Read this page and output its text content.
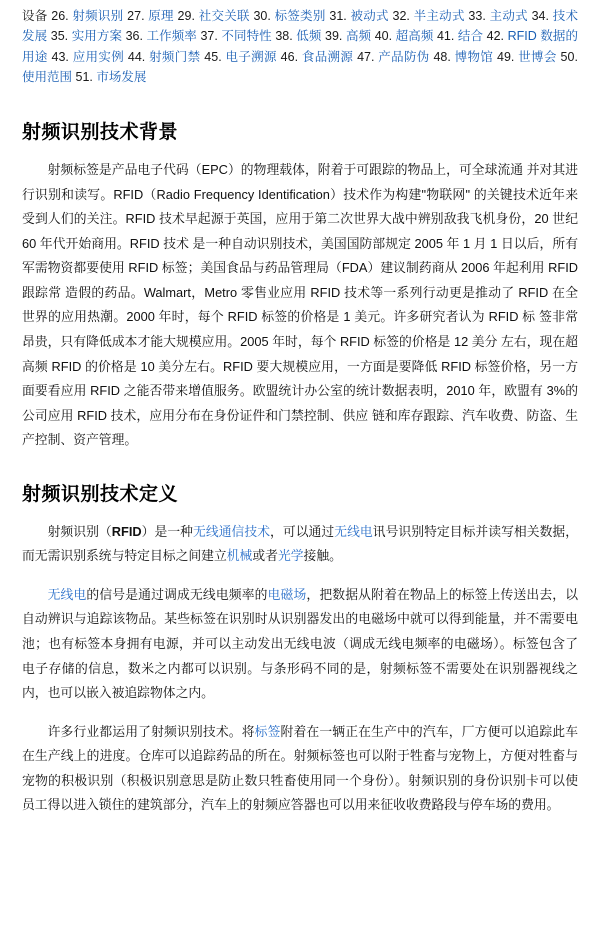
设备 26. 射频识别 27. 原理 29. 社交关联 30. 标签类别 31. 被动式 32. 半主动式 33. 主动式 34. 技术发展 35. 实用方案 36. 工作频率 37. 不同特性 38. 低频 39. 高频 40. 超高频 41. 结合 42. RFID 数据的用途 43. 应用实例 44. 射频门禁 45. 电子溯源 46. 食品溯源 47. 产品防伪 48. 博物馆 49. 世博会 50. 使用范围 51. 市场发展
射频识别技术背景

射频标签是产品电子代码（EPC）的物理载体，附着于可跟踪的物品上，可全球流通 并对其进行识别和读写。RFID（Radio Frequency Identification）技术作为构建"物联网" 的关键技术近年来受到人们的关注。RFID 技术早起源于英国，应用于第二次世界大战中辨别敌我飞机身份，20 世纪 60 年代开始商用。RFID 技术 是一种自动识别技术，美国国防部规定 2005 年 1 月 1 日以后，所有军需物资都要使用 RFID 标签；美国食品与药品管理局（FDA）建议制药商从 2006 年起利用 RFID 跟踪常 造假的药品。Walmart，Metro 零售业应用 RFID 技术等一系列行动更是推动了 RFID 在全 世界的应用热潮。2000 年时，每个 RFID 标签的价格是 1 美元。许多研究者认为 RFID 标 签非常昂贵，只有降低成本才能大规模应用。2005 年时，每个 RFID 标签的价格是 12 美分 左右，现在超高频 RFID 的价格是 10 美分左右。RFID 要大规模应用，一方面是要降低 RFID 标签价格，另一方面要看应用 RFID 之能否带来增值服务。欧盟统计办公室的统计数据表明，2010 年，欧盟有 3%的公司应用 RFID 技术，应用分布在身份证件和门禁控制、供应 链和库存跟踪、汽车收费、防盗、生产控制、资产管理。

射频识别技术定义

射频识别（RFID）是一种无线通信技术，可以通过无线电讯号识别特定目标并读写相关数据，而无需识别系统与特定目标之间建立机械或者光学接触。

无线电的信号是通过调成无线电频率的电磁场，把数据从附着在物品上的标签上传送出去，以自动辨识与追踪该物品。某些标签在识别时从识别器发出的电磁场中就可以得到能量，并不需要电池；也有标签本身拥有电源，并可以主动发出无线电波（调成无线电频率的电磁场）。标签包含了电子存储的信息，数米之内都可以识别。与条形码不同的是，射频标签不需要处在识别器视线之内，也可以嵌入被追踪物体之内。

许多行业都运用了射频识别技术。将标签附着在一辆正在生产中的汽车，厂方便可以追踪此车在生产线上的进度。仓库可以追踪药品的所在。射频标签也可以附于牲畜与宠物上，方便对牲畜与宠物的积极识别（积极识别意思是防止数只牲畜使用同一个身份）。射频识别的身份识别卡可以使员工得以进入锁住的建筑部分，汽车上的射频应答器也可以用来征收收费路段与停车场的费用。
